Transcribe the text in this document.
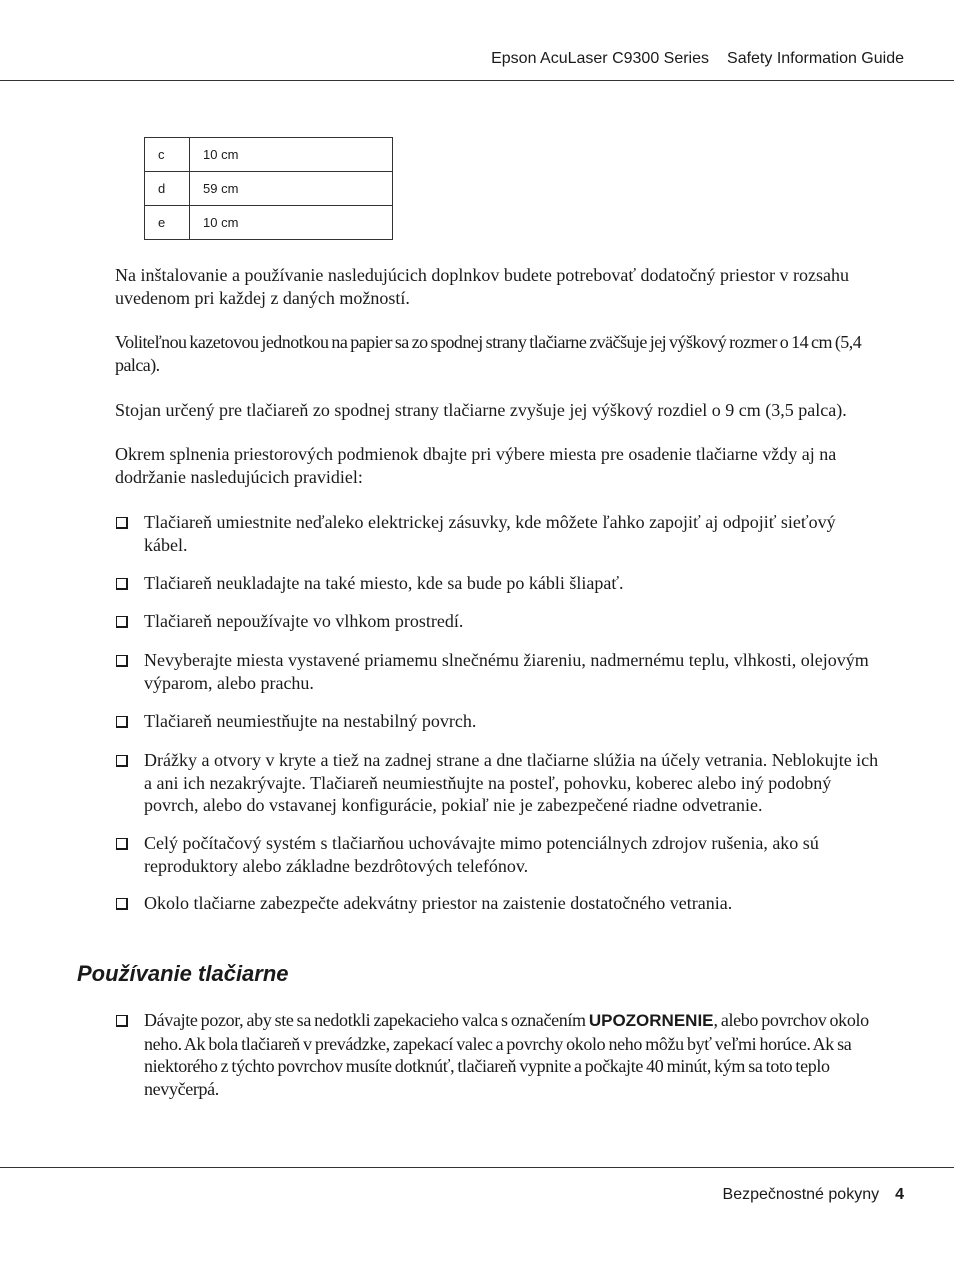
Epson AcuLaser C9300 Series Safety Information Guide
c	10 cm
d	59 cm
e	10 cm

Na inštalovanie a používanie nasledujúcich doplnkov budete potrebovať dodatočný priestor v rozsahu uvedenom pri každej z daných možností.

Voliteľnou kazetovou jednotkou na papier sa zo spodnej strany tlačiarne zväčšuje jej výškový rozmer o 14 cm (5,4 palca).

Stojan určený pre tlačiareň zo spodnej strany tlačiarne zvyšuje jej výškový rozdiel o 9 cm (3,5 palca).

Okrem splnenia priestorových podmienok dbajte pri výbere miesta pre osadenie tlačiarne vždy aj na dodržanie nasledujúcich pravidiel:

Tlačiareň umiestnite neďaleko elektrickej zásuvky, kde môžete ľahko zapojiť aj odpojiť sieťový kábel.
Tlačiareň neukladajte na také miesto, kde sa bude po kábli šliapať.
Tlačiareň nepoužívajte vo vlhkom prostredí.
Nevyberajte miesta vystavené priamemu slnečnému žiareniu, nadmernému teplu, vlhkosti, olejovým výparom, alebo prachu.
Tlačiareň neumiestňujte na nestabilný povrch.
Drážky a otvory v kryte a tiež na zadnej strane a dne tlačiarne slúžia na účely vetrania. Neblokujte ich a ani ich nezakrývajte. Tlačiareň neumiestňujte na posteľ, pohovku, koberec alebo iný podobný povrch, alebo do vstavanej konfigurácie, pokiaľ nie je zabezpečené riadne odvetranie.
Celý počítačový systém s tlačiarňou uchovávajte mimo potenciálnych zdrojov rušenia, ako sú reproduktory alebo základne bezdrôtových telefónov.
Okolo tlačiarne zabezpečte adekvátny priestor na zaistenie dostatočného vetrania.
Používanie tlačiarne
Dávajte pozor, aby ste sa nedotkli zapekacieho valca s označením UPOZORNENIE, alebo povrchov okolo neho. Ak bola tlačiareň v prevádzke, zapekací valec a povrchy okolo neho môžu byť veľmi horúce. Ak sa niektorého z týchto povrchov musíte dotknúť, tlačiareň vypnite a počkajte 40 minút, kým sa toto teplo nevyčerpá.
Bezpečnostné pokyny 4
